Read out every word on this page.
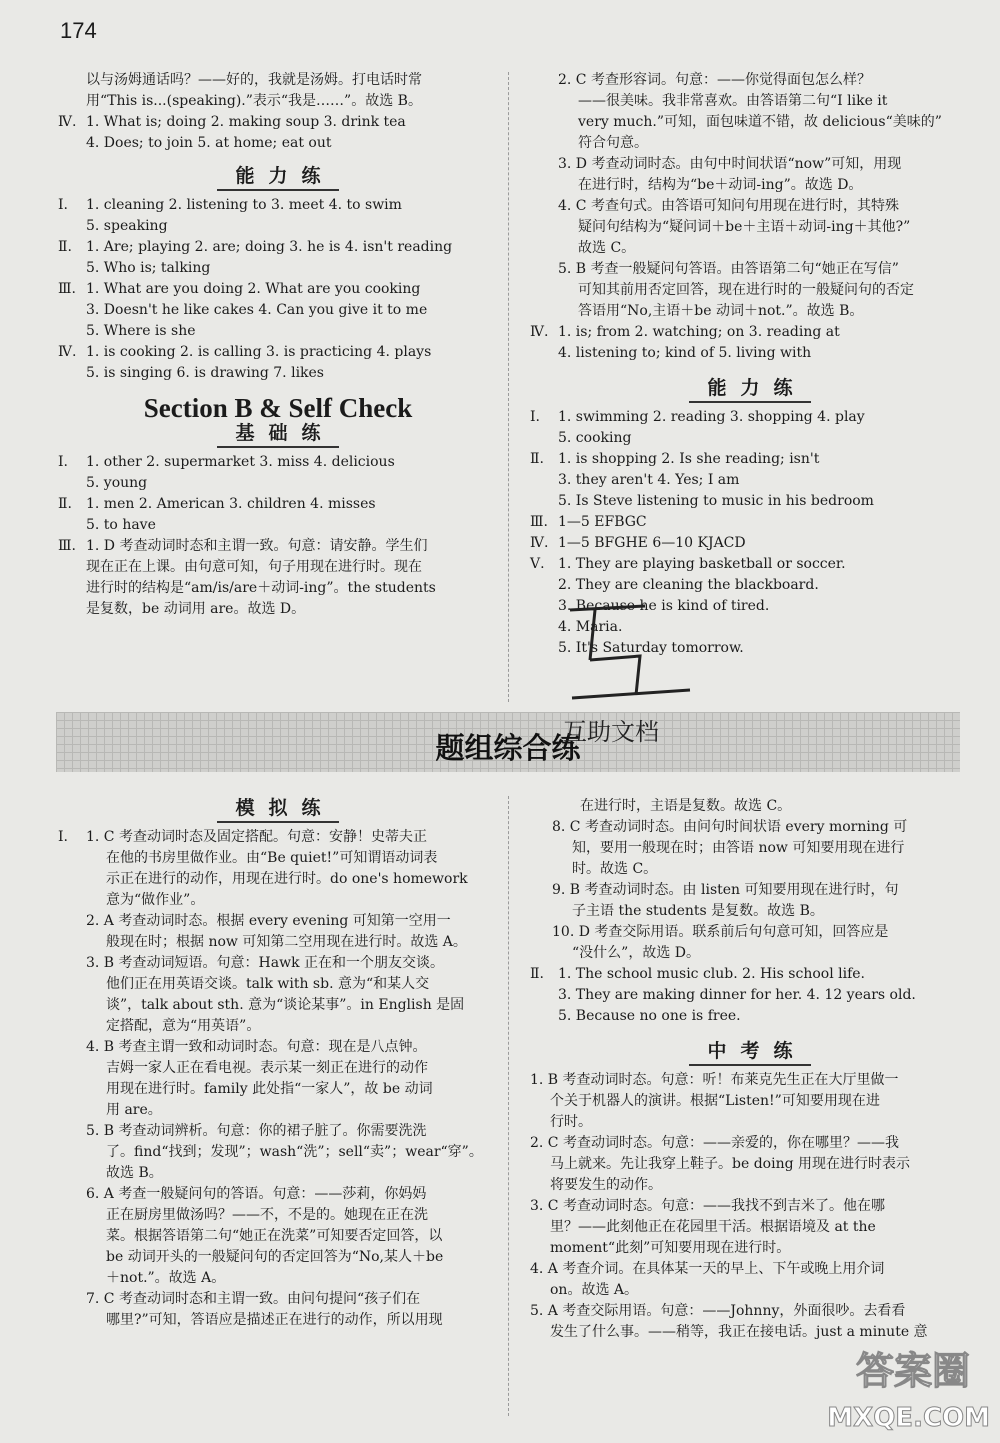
174

以与汤姆通话吗？——好的，我就是汤姆。打电话时常

用“This is...(speaking).”表示“我是……”。故选 B。

Ⅳ. 1. What is; doing 2. making soup 3. drink tea

4. Does; to join 5. at home; eat out

能力练
Ⅰ.	1. cleaning 2. listening to 3. meet 4. to swim

5. speaking

Ⅱ.	1. Are; playing 2. are; doing 3. he is 4. isn't reading

5. Who is; talking

Ⅲ. 1. What are you doing 2. What are you cooking

3. Doesn't he like cakes 4. Can you give it to me

5. Where is she

Ⅳ. 1. is cooking 2. is calling 3. is practicing 4. plays

5. is singing 6. is drawing 7. likes

Section B & Self Check
基础练
Ⅰ.	1. other 2. supermarket 3. miss 4. delicious

5. young

Ⅱ.	1. men 2. American 3. children 4. misses

5. to have

Ⅲ. 1. D 考查动词时态和主谓一致。句意：请安静。学生们

现在正在上课。由句意可知，句子用现在进行时。现在

进行时的结构是“am/is/are＋动词-ing”。the students

是复数，be 动词用 are。故选 D。

2. C 考查形容词。句意：——你觉得面包怎么样？

——很美味。我非常喜欢。由答语第二句“I like it

very much.”可知，面包味道不错，故 delicious“美味的”

符合句意。

3. D 考查动词时态。由句中时间状语“now”可知，用现

在进行时，结构为“be＋动词-ing”。故选 D。

4. C 考查句式。由答语可知问句用现在进行时，其特殊

疑问句结构为“疑问词＋be＋主语＋动词-ing＋其他?”

故选 C。

5. B 考查一般疑问句答语。由答语第二句“她正在写信”

可知其前用否定回答，现在进行时的一般疑问句的否定

答语用“No,主语＋be 动词＋not.”。故选 B。

Ⅳ. 1. is; from 2. watching; on 3. reading at

4. listening to; kind of 5. living with

能力练
Ⅰ.	1. swimming 2. reading 3. shopping 4. play

5. cooking

Ⅱ.	1. is shopping 2. Is she reading; isn't

3. they aren't 4. Yes; I am

5. Is Steve listening to music in his bedroom

Ⅲ. 1—5 EFBGC

Ⅳ. 1—5 BFGHE 6—10 KJACD

Ⅴ. 1. They are playing basketball or soccer.

2. They are cleaning the blackboard.

3. Because he is kind of tired.

4. Maria.

5. It's Saturday tomorrow.

题组综合练
互助文档
模拟练
Ⅰ.	1. C 考查动词时态及固定搭配。句意：安静！史蒂夫正

在他的书房里做作业。由“Be quiet!”可知谓语动词表

示正在进行的动作，用现在进行时。do one's homework

意为“做作业”。

2. A 考查动词时态。根据 every evening 可知第一空用一

般现在时；根据 now 可知第二空用现在进行时。故选 A。

3. B 考查动词短语。句意：Hawk 正在和一个朋友交谈。

他们正在用英语交谈。talk with sb. 意为“和某人交

谈”，talk about sth. 意为“谈论某事”。in English 是固

定搭配，意为“用英语”。

4. B 考查主谓一致和动词时态。句意：现在是八点钟。

吉姆一家人正在看电视。表示某一刻正在进行的动作

用现在进行时。family 此处指“一家人”，故 be 动词

用 are。

5. B 考查动词辨析。句意：你的裙子脏了。你需要洗洗

了。find“找到；发现”；wash“洗”；sell“卖”；wear“穿”。

故选 B。

6. A 考查一般疑问句的答语。句意：——莎莉，你妈妈

正在厨房里做汤吗？——不，不是的。她现在正在洗

菜。根据答语第二句“她正在洗菜”可知要否定回答，以

be 动词开头的一般疑问句的否定回答为“No,某人＋be

＋not.”。故选 A。

7. C 考查动词时态和主谓一致。由问句提问“孩子们在

哪里?”可知，答语应是描述正在进行的动作，所以用现

在进行时，主语是复数。故选 C。

8. C 考查动词时态。由问句时间状语 every morning 可

知，要用一般现在时；由答语 now 可知要用现在进行

时。故选 C。

9. B 考查动词时态。由 listen 可知要用现在进行时，句

子主语 the students 是复数。故选 B。

10. D 考查交际用语。联系前后句句意可知，回答应是

“没什么”，故选 D。

Ⅱ.	1. The school music club. 2. His school life.

3. They are making dinner for her. 4. 12 years old.

5. Because no one is free.

中考练

1. B 考查动词时态。句意：听！布莱克先生正在大厅里做一

个关于机器人的演讲。根据“Listen!”可知要用现在进

行时。

2. C 考查动词时态。句意：——亲爱的，你在哪里？——我

马上就来。先让我穿上鞋子。be doing 用现在进行时表示

将要发生的动作。

3. C 考查动词时态。句意：——我找不到吉米了。他在哪

里？——此刻他正在花园里干活。根据语境及 at the

moment“此刻”可知要用现在进行时。

4. A 考查介词。在具体某一天的早上、下午或晚上用介词

on。故选 A。

5. A 考查交际用语。句意：——Johnny，外面很吵。去看看

发生了什么事。——稍等，我正在接电话。just a minute 意

答案圈
MXQE.COM
